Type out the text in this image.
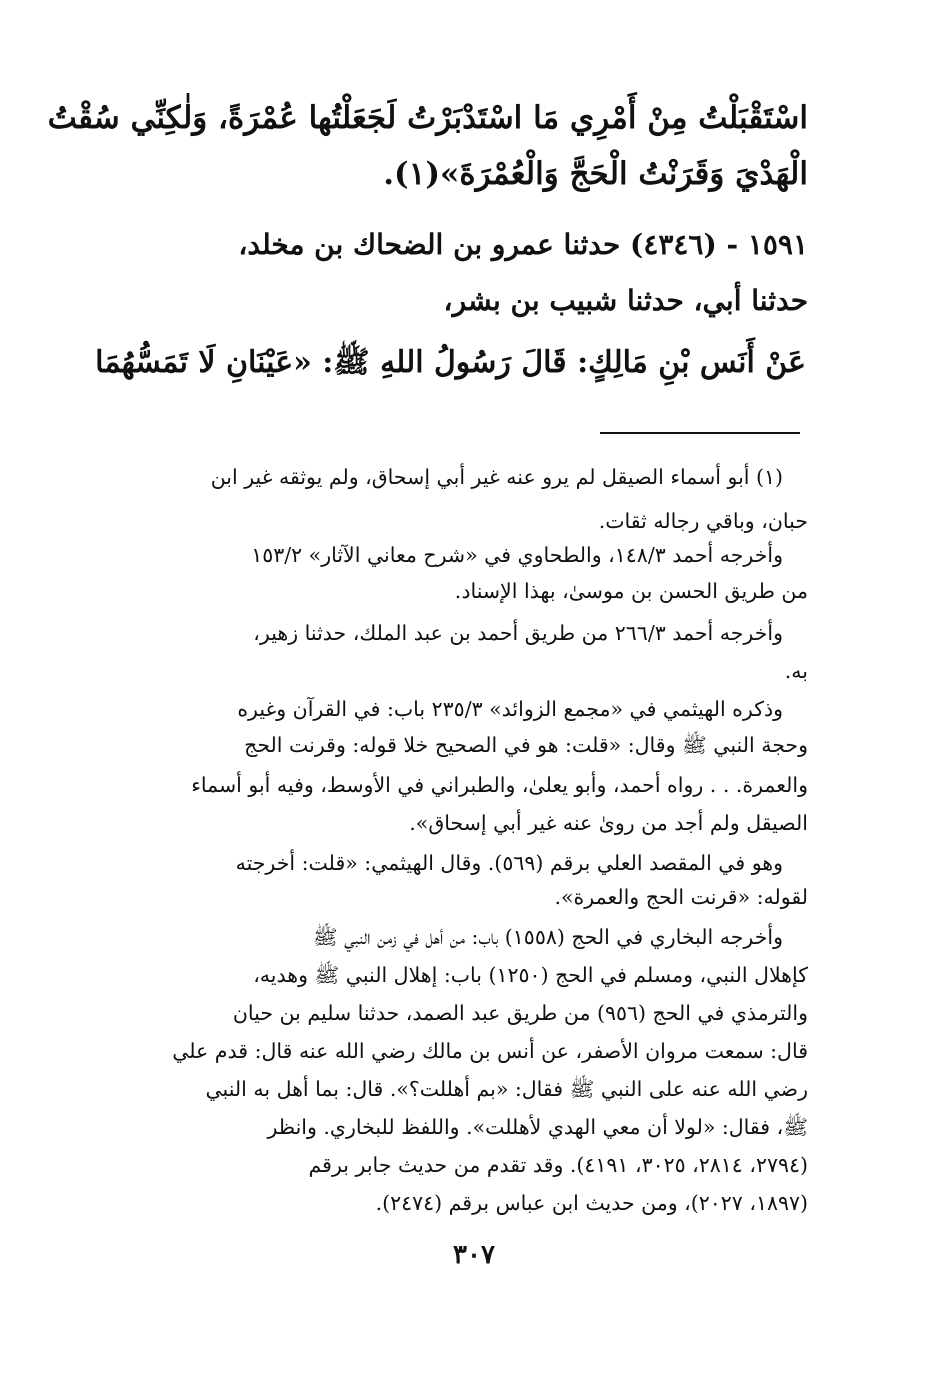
اسْتَقْبَلْتُ مِنْ أَمْرِي مَا اسْتَدْبَرْتُ لَجَعَلْتُها عُمْرَةً، وَلٰكِنِّي سُقْتُ
الْهَدْيَ وَقَرَنْتُ الْحَجَّ وَالْعُمْرَةَ»(١).
١٥٩١ - (٤٣٤٦) حدثنا عمرو بن الضحاك بن مخلد،
حدثنا أبي، حدثنا شبيب بن بشر،
عَنْ أَنَس بْنِ مَالِكٍ: قَالَ رَسُولُ اللهِ ﷺ: «عَيْنَانِ لَا تَمَسُّهُمَا
(١) أبو أسماء الصيقل لم يرو عنه غير أبي إسحاق، ولم يوثقه غير ابن
حبان، وباقي رجاله ثقات.
وأخرجه أحمد ١٤٨/٣، والطحاوي في «شرح معاني الآثار» ١٥٣/٢
من طريق الحسن بن موسىٰ، بهذا الإسناد.
وأخرجه أحمد ٢٦٦/٣ من طريق أحمد بن عبد الملك، حدثنا زهير،
به.
وذكره الهيثمي في «مجمع الزوائد» ٢٣٥/٣ باب: في القرآن وغيره
وحجة النبي ﷺ وقال: «قلت: هو في الصحيح خلا قوله: وقرنت الحج
والعمرة. . . رواه أحمد، وأبو يعلىٰ، والطبراني في الأوسط، وفيه أبو أسماء
الصيقل ولم أجد من روىٰ عنه غير أبي إسحاق».
وهو في المقصد العلي برقم (٥٦٩). وقال الهيثمي: «قلت: أخرجته
لقوله: «قرنت الحج والعمرة».
وأخرجه البخاري في الحج (١٥٥٨) باب: من أهل في زمن النبي ﷺ
كإهلال النبي، ومسلم في الحج (١٢٥٠) باب: إهلال النبي ﷺ وهديه،
والترمذي في الحج (٩٥٦) من طريق عبد الصمد، حدثنا سليم بن حيان
قال: سمعت مروان الأصفر، عن أنس بن مالك رضي الله عنه قال: قدم علي
رضي الله عنه على النبي ﷺ فقال: «بم أهللت؟». قال: بما أهل به النبي
ﷺ، فقال: «لولا أن معي الهدي لأهللت». واللفظ للبخاري. وانظر
(٢٧٩٤، ٢٨١٤، ٣٠٢٥، ٤١٩١). وقد تقدم من حديث جابر برقم
(١٨٩٧، ٢٠٢٧)، ومن حديث ابن عباس برقم (٢٤٧٤).
٣٠٧
